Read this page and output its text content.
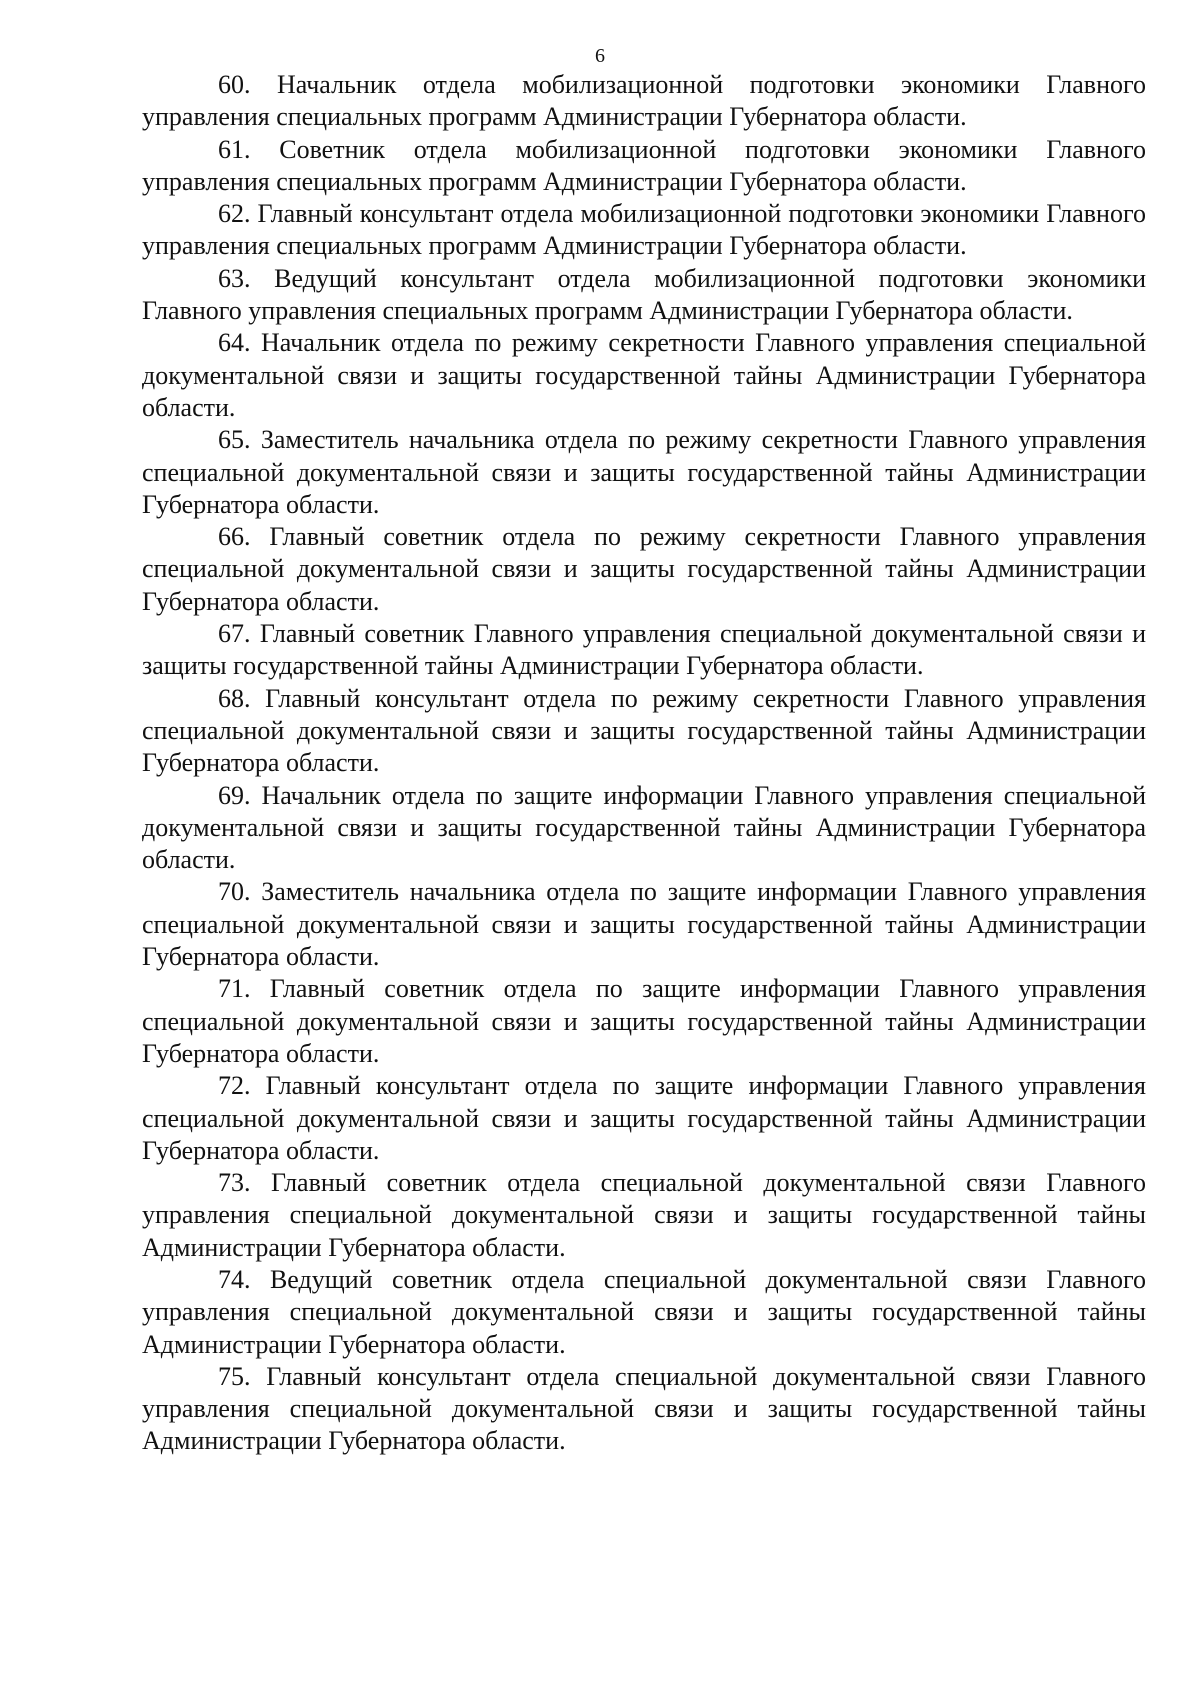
6

60. Начальник отдела мобилизационной подготовки экономики Главного управления специальных программ Администрации Губернатора области.

61. Советник отдела мобилизационной подготовки экономики Главного управления специальных программ Администрации Губернатора области.

62. Главный консультант отдела мобилизационной подготовки экономики Главного управления специальных программ Администрации Губернатора области.

63. Ведущий консультант отдела мобилизационной подготовки экономики Главного управления специальных программ Администрации Губернатора области.

64. Начальник отдела по режиму секретности Главного управления специальной документальной связи и защиты государственной тайны Администрации Губернатора области.

65. Заместитель начальника отдела по режиму секретности Главного управления специальной документальной связи и защиты государственной тайны Администрации Губернатора области.

66. Главный советник отдела по режиму секретности Главного управления специальной документальной связи и защиты государственной тайны Администрации Губернатора области.

67. Главный советник Главного управления специальной документальной связи и защиты государственной тайны Администрации Губернатора области.

68. Главный консультант отдела по режиму секретности Главного управления специальной документальной связи и защиты государственной тайны Администрации Губернатора области.

69. Начальник отдела по защите информации Главного управления специальной документальной связи и защиты государственной тайны Администрации Губернатора области.

70. Заместитель начальника отдела по защите информации Главного управления специальной документальной связи и защиты государственной тайны Администрации Губернатора области.

71. Главный советник отдела по защите информации Главного управления специальной документальной связи и защиты государственной тайны Администрации Губернатора области.

72. Главный консультант отдела по защите информации Главного управления специальной документальной связи и защиты государственной тайны Администрации Губернатора области.

73. Главный советник отдела специальной документальной связи Главного управления специальной документальной связи и защиты государственной тайны Администрации Губернатора области.

74. Ведущий советник отдела специальной документальной связи Главного управления специальной документальной связи и защиты государственной тайны Администрации Губернатора области.

75. Главный консультант отдела специальной документальной связи Главного управления специальной документальной связи и защиты государственной тайны Администрации Губернатора области.
